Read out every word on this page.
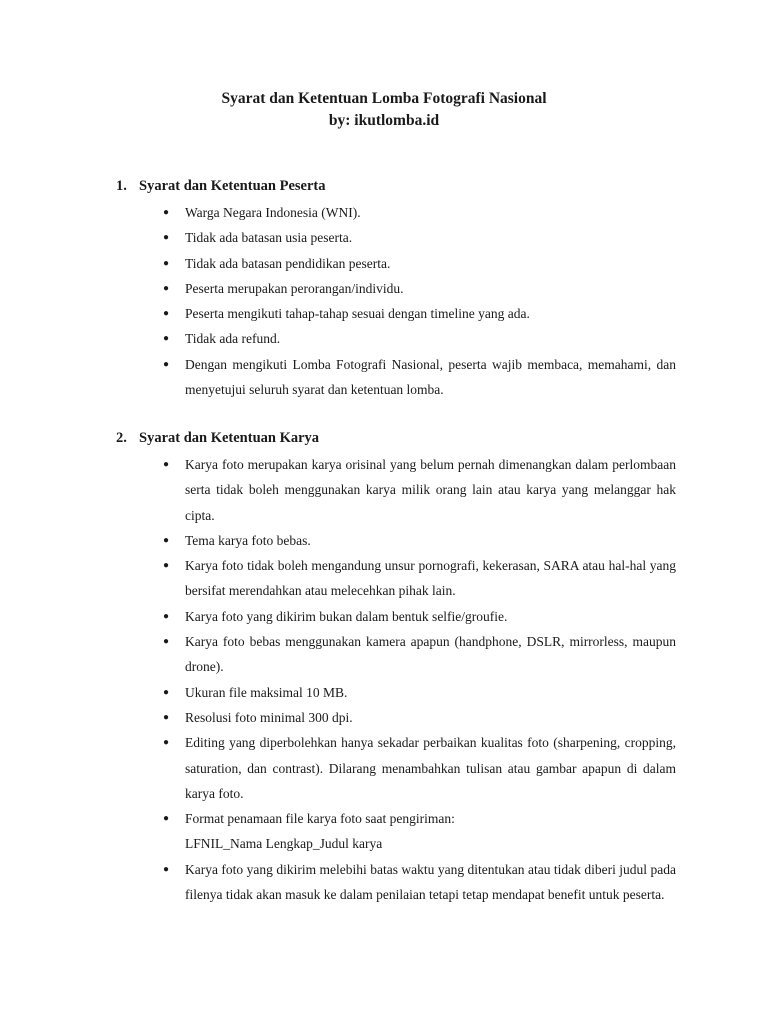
Syarat dan Ketentuan Lomba Fotografi Nasional
by: ikutlomba.id
1. Syarat dan Ketentuan Peserta
● Warga Negara Indonesia (WNI).
● Tidak ada batasan usia peserta.
● Tidak ada batasan pendidikan peserta.
● Peserta merupakan perorangan/individu.
● Peserta mengikuti tahap-tahap sesuai dengan timeline yang ada.
● Tidak ada refund.
● Dengan mengikuti Lomba Fotografi Nasional, peserta wajib membaca, memahami, dan menyetujui seluruh syarat dan ketentuan lomba.
2. Syarat dan Ketentuan Karya
● Karya foto merupakan karya orisinal yang belum pernah dimenangkan dalam perlombaan serta tidak boleh menggunakan karya milik orang lain atau karya yang melanggar hak cipta.
● Tema karya foto bebas.
● Karya foto tidak boleh mengandung unsur pornografi, kekerasan, SARA atau hal-hal yang bersifat merendahkan atau melecehkan pihak lain.
● Karya foto yang dikirim bukan dalam bentuk selfie/groufie.
● Karya foto bebas menggunakan kamera apapun (handphone, DSLR, mirrorless, maupun drone).
● Ukuran file maksimal 10 MB.
● Resolusi foto minimal 300 dpi.
● Editing yang diperbolehkan hanya sekadar perbaikan kualitas foto (sharpening, cropping, saturation, dan contrast). Dilarang menambahkan tulisan atau gambar apapun di dalam karya foto.
● Format penamaan file karya foto saat pengiriman:
LFNIL_Nama Lengkap_Judul karya
● Karya foto yang dikirim melebihi batas waktu yang ditentukan atau tidak diberi judul pada filenya tidak akan masuk ke dalam penilaian tetapi tetap mendapat benefit untuk peserta.
